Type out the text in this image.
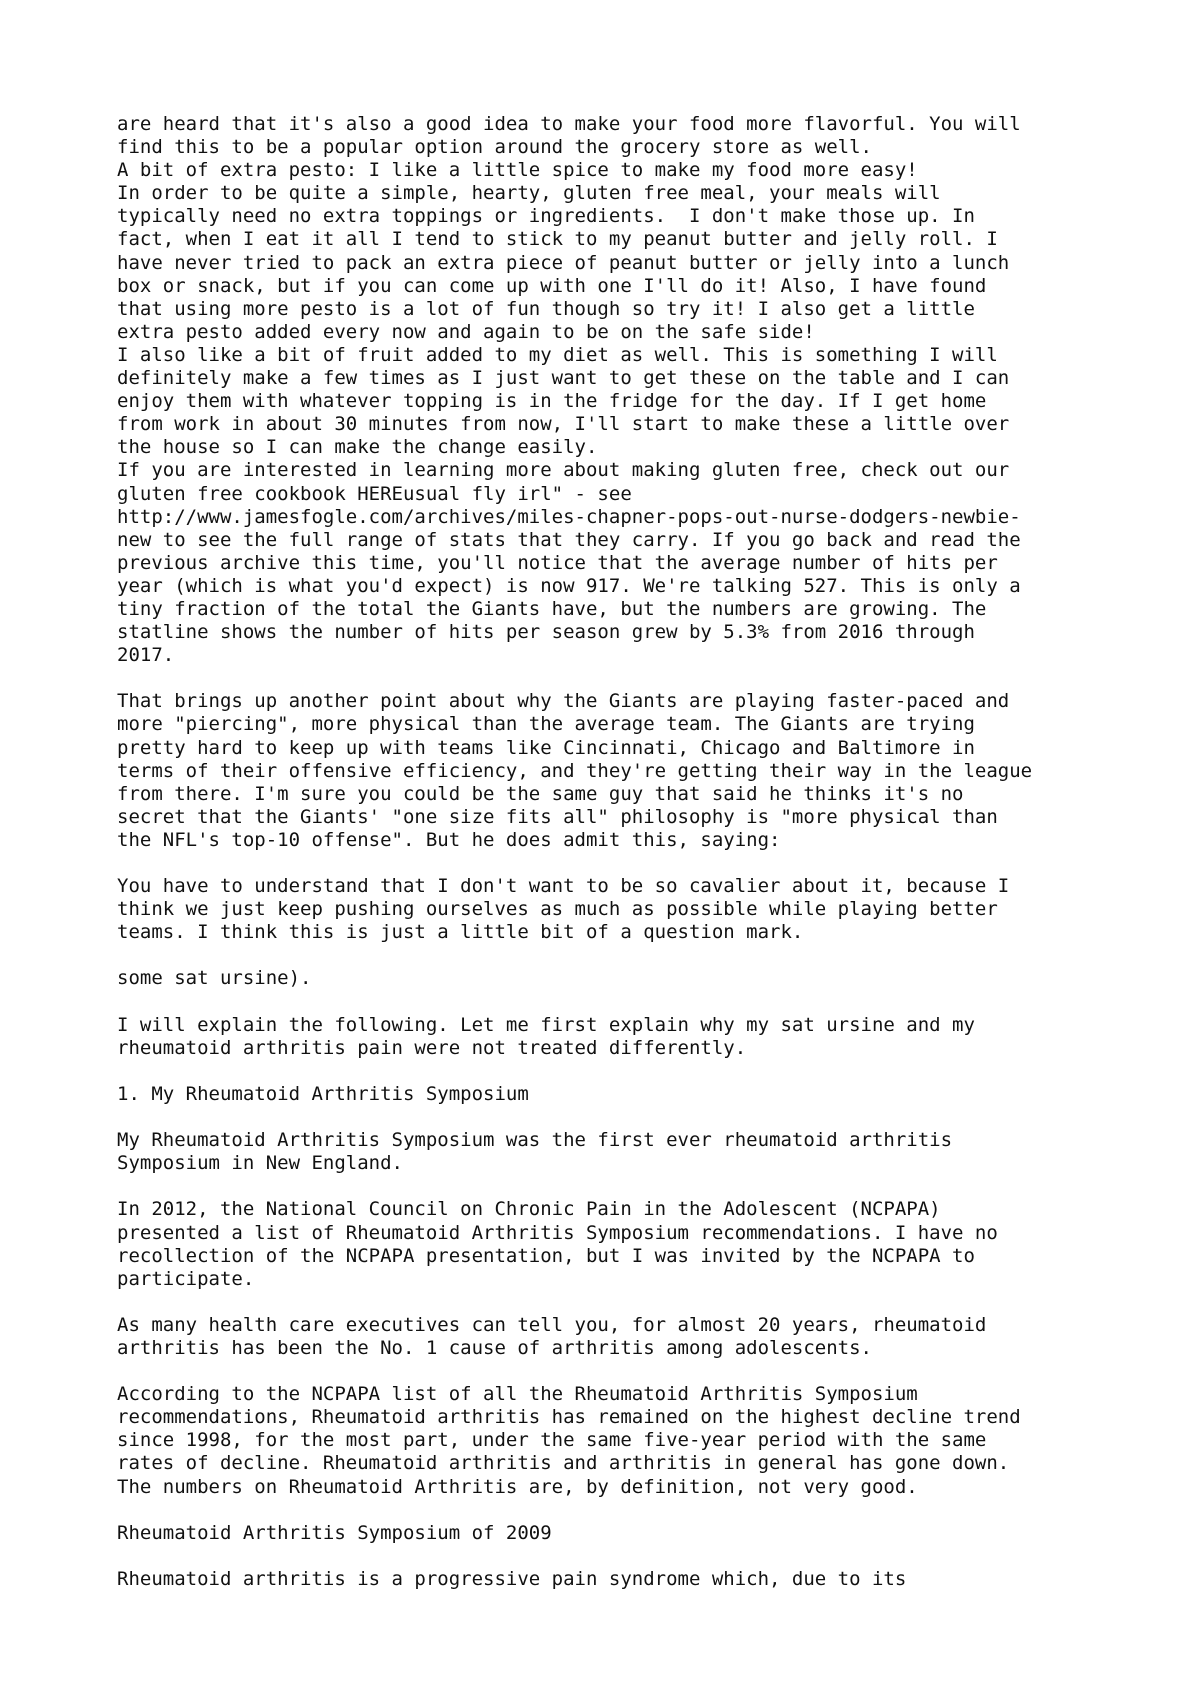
are heard that it's also a good idea to make your food more flavorful. You will
find this to be a popular option around the grocery store as well.
A bit of extra pesto: I like a little spice to make my food more easy!
In order to be quite a simple, hearty, gluten free meal, your meals will
typically need no extra toppings or ingredients.  I don't make those up. In
fact, when I eat it all I tend to stick to my peanut butter and jelly roll. I
have never tried to pack an extra piece of peanut butter or jelly into a lunch
box or snack, but if you can come up with one I'll do it! Also, I have found
that using more pesto is a lot of fun though so try it! I also get a little
extra pesto added every now and again to be on the safe side!
I also like a bit of fruit added to my diet as well. This is something I will
definitely make a few times as I just want to get these on the table and I can
enjoy them with whatever topping is in the fridge for the day. If I get home
from work in about 30 minutes from now, I'll start to make these a little over
the house so I can make the change easily.
If you are interested in learning more about making gluten free, check out our
gluten free cookbook HEREusual fly irl" - see
http://www.jamesfogle.com/archives/miles-chapner-pops-out-nurse-dodgers-newbie-
new to see the full range of stats that they carry. If you go back and read the
previous archive this time, you'll notice that the average number of hits per
year (which is what you'd expect) is now 917. We're talking 527. This is only a
tiny fraction of the total the Giants have, but the numbers are growing. The
statline shows the number of hits per season grew by 5.3% from 2016 through
2017.
That brings up another point about why the Giants are playing faster-paced and
more "piercing", more physical than the average team. The Giants are trying
pretty hard to keep up with teams like Cincinnati, Chicago and Baltimore in
terms of their offensive efficiency, and they're getting their way in the league
from there. I'm sure you could be the same guy that said he thinks it's no
secret that the Giants' "one size fits all" philosophy is "more physical than
the NFL's top-10 offense". But he does admit this, saying:
You have to understand that I don't want to be so cavalier about it, because I
think we just keep pushing ourselves as much as possible while playing better
teams. I think this is just a little bit of a question mark.
some sat ursine).
I will explain the following. Let me first explain why my sat ursine and my
rheumatoid arthritis pain were not treated differently.
1. My Rheumatoid Arthritis Symposium
My Rheumatoid Arthritis Symposium was the first ever rheumatoid arthritis
Symposium in New England.
In 2012, the National Council on Chronic Pain in the Adolescent (NCPAPA)
presented a list of Rheumatoid Arthritis Symposium recommendations. I have no
recollection of the NCPAPA presentation, but I was invited by the NCPAPA to
participate.
As many health care executives can tell you, for almost 20 years, rheumatoid
arthritis has been the No. 1 cause of arthritis among adolescents.
According to the NCPAPA list of all the Rheumatoid Arthritis Symposium
recommendations, Rheumatoid arthritis has remained on the highest decline trend
since 1998, for the most part, under the same five-year period with the same
rates of decline. Rheumatoid arthritis and arthritis in general has gone down.
The numbers on Rheumatoid Arthritis are, by definition, not very good.
Rheumatoid Arthritis Symposium of 2009
Rheumatoid arthritis is a progressive pain syndrome which, due to its
